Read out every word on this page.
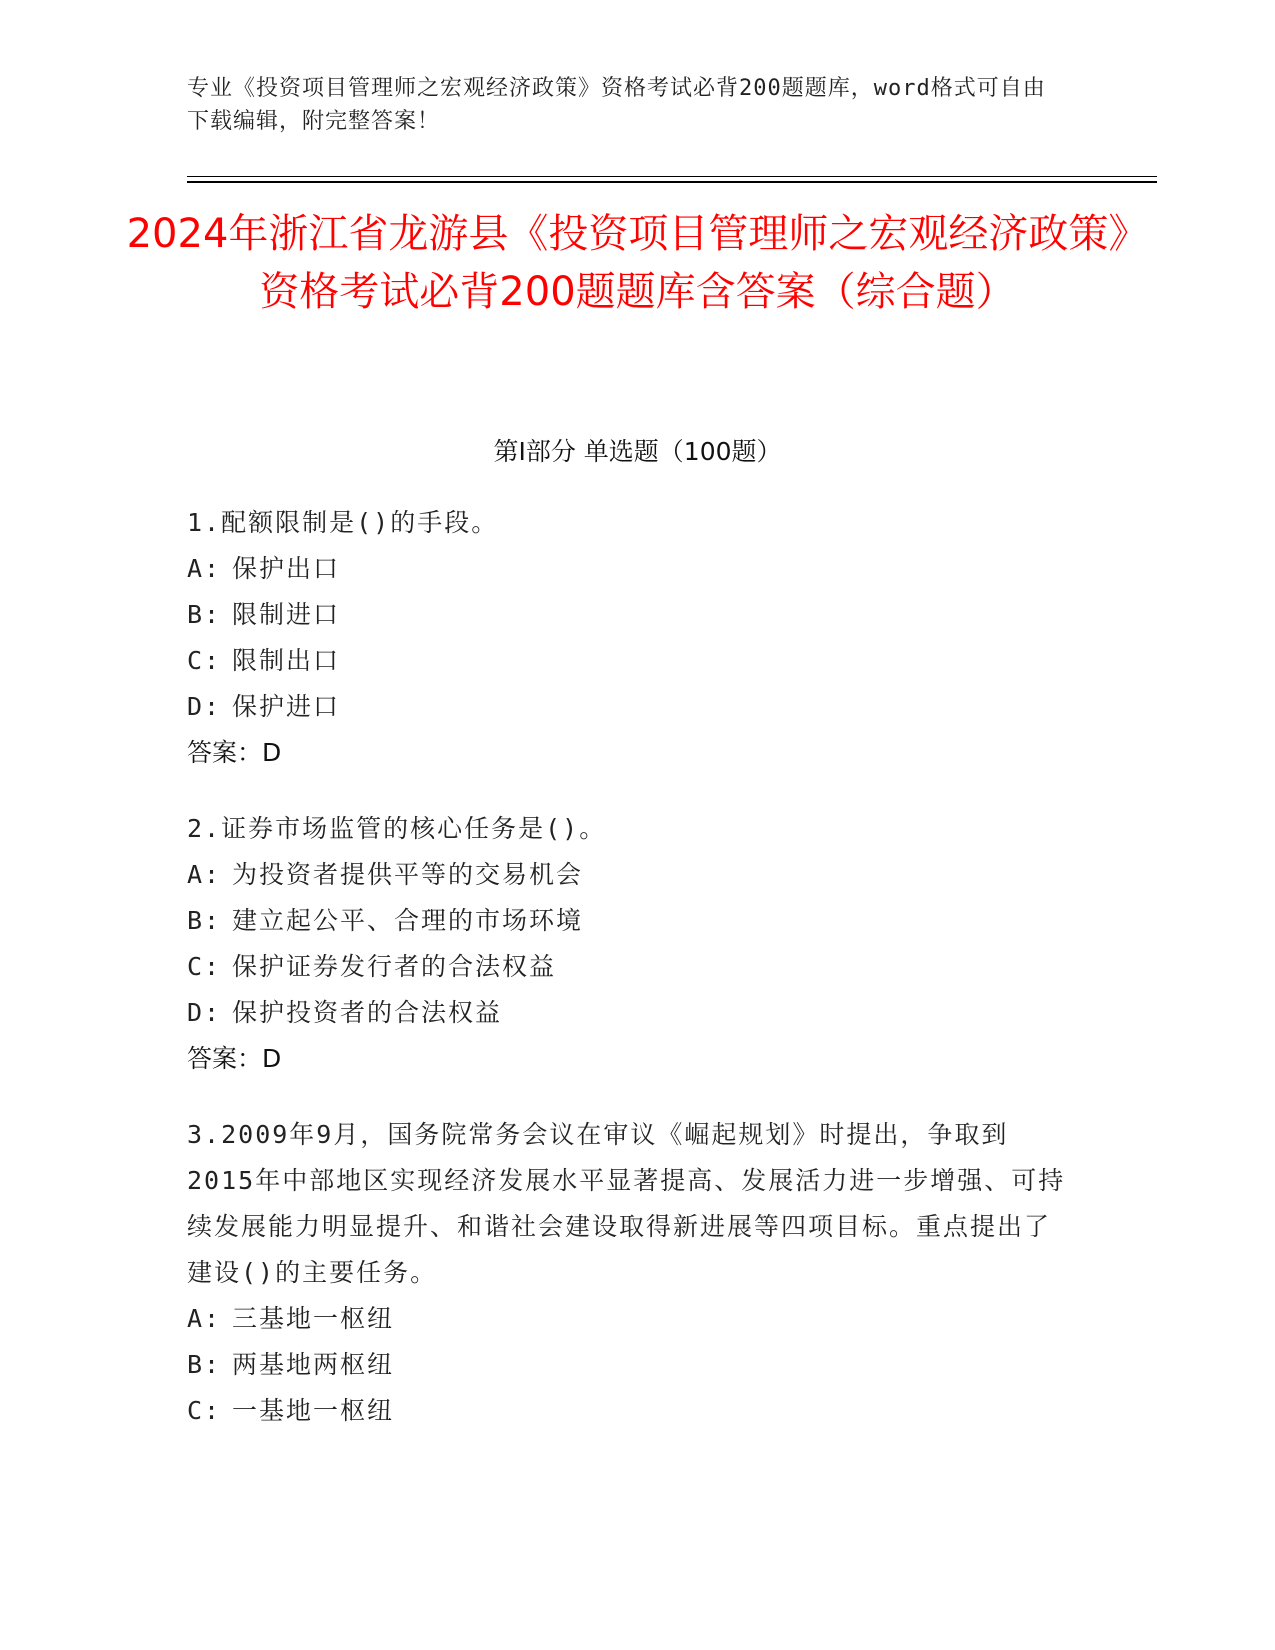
专业《投资项目管理师之宏观经济政策》资格考试必背200题题库，word格式可自由下载编辑，附完整答案！
2024年浙江省龙游县《投资项目管理师之宏观经济政策》资格考试必背200题题库含答案（综合题）
第I部分 单选题（100题）
1.配额限制是()的手段。
A: 保护出口
B: 限制进口
C: 限制出口
D: 保护进口
答案：D
2.证券市场监管的核心任务是()。
A: 为投资者提供平等的交易机会
B: 建立起公平、合理的市场环境
C: 保护证券发行者的合法权益
D: 保护投资者的合法权益
答案：D
3.2009年9月，国务院常务会议在审议《崛起规划》时提出，争取到2015年中部地区实现经济发展水平显著提高、发展活力进一步增强、可持续发展能力明显提升、和谐社会建设取得新进展等四项目标。重点提出了建设()的主要任务。
A: 三基地一枢纽
B: 两基地两枢纽
C: 一基地一枢纽
